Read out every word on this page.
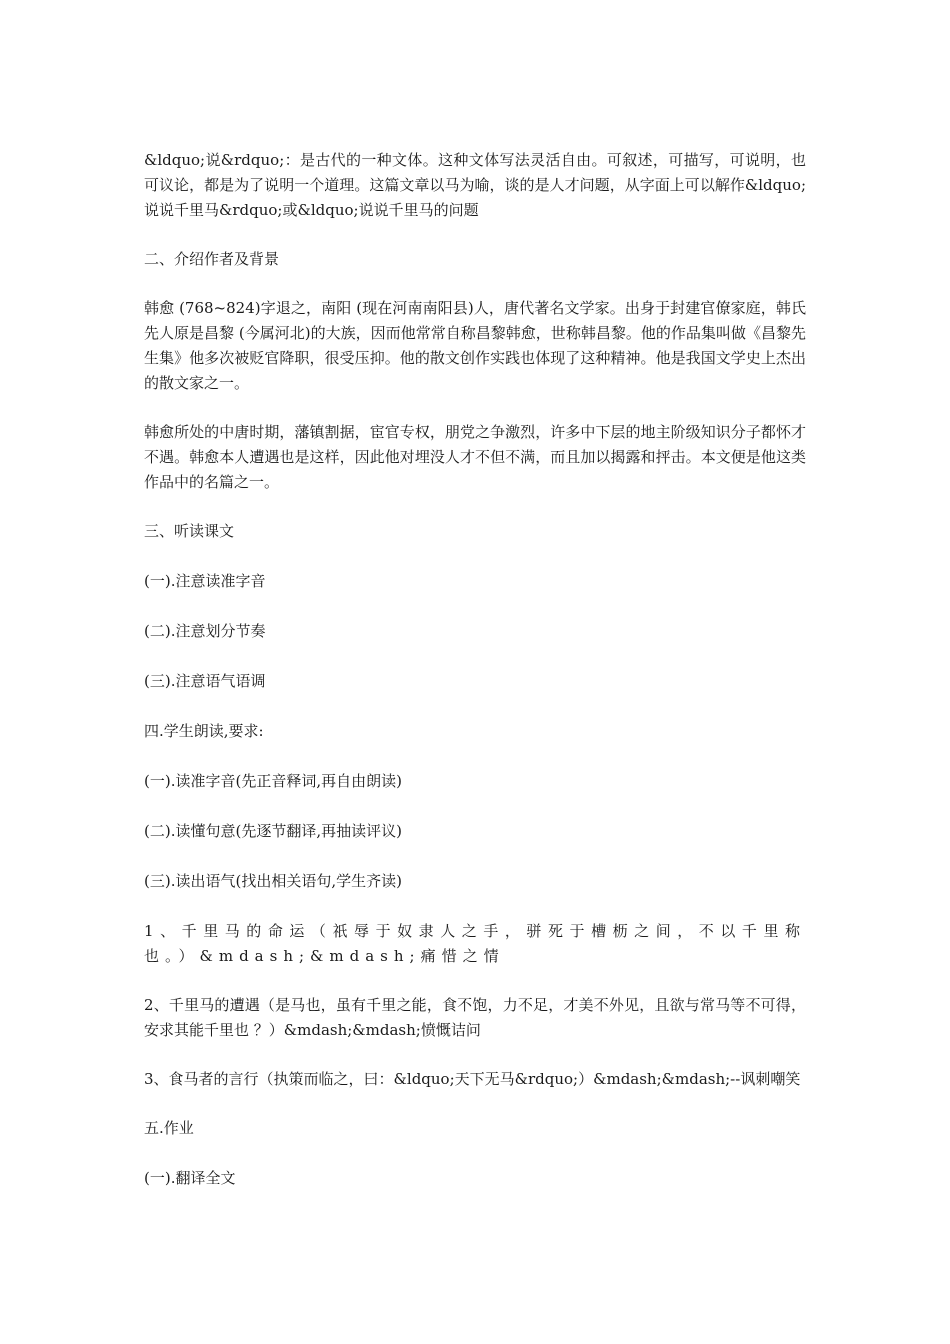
&ldquo;说&rdquo;：是古代的一种文体。这种文体写法灵活自由。可叙述，可描写，可说明，也可议论，都是为了说明一个道理。这篇文章以马为喻，谈的是人才问题，从字面上可以解作&ldquo;说说千里马&rdquo;或&ldquo;说说千里马的问题

二、介绍作者及背景

韩愈 (768~824)字退之，南阳 (现在河南南阳县)人，唐代著名文学家。出身于封建官僚家庭，韩氏先人原是昌黎 (今属河北)的大族，因而他常常自称昌黎韩愈，世称韩昌黎。他的作品集叫做《昌黎先生集》他多次被贬官降职，很受压抑。他的散文创作实践也体现了这种精神。他是我国文学史上杰出的散文家之一。

韩愈所处的中唐时期，藩镇割据，宦官专权，朋党之争激烈，许多中下层的地主阶级知识分子都怀才不遇。韩愈本人遭遇也是这样，因此他对埋没人才不但不满，而且加以揭露和抨击。本文便是他这类作品中的名篇之一。

三、听读课文

(一).注意读准字音

(二).注意划分节奏

(三).注意语气语调

四.学生朗读,要求:

(一).读准字音(先正音释词,再自由朗读)

(二).读懂句意(先逐节翻译,再抽读评议)

(三).读出语气(找出相关语句,学生齐读)

1、千里马的命运（祇辱于奴隶人之手，骈死于槽枥之间，不以千里称也。）&mdash;&mdash;痛惜之情

2、千里马的遭遇（是马也，虽有千里之能，食不饱，力不足，才美不外见，且欲与常马等不可得，安求其能千里也 ？）&mdash;&mdash;愤慨诘问

3、食马者的言行（执策而临之，曰：&ldquo;天下无马&rdquo;）&mdash;&mdash;--讽刺嘲笑

五.作业

(一).翻译全文
